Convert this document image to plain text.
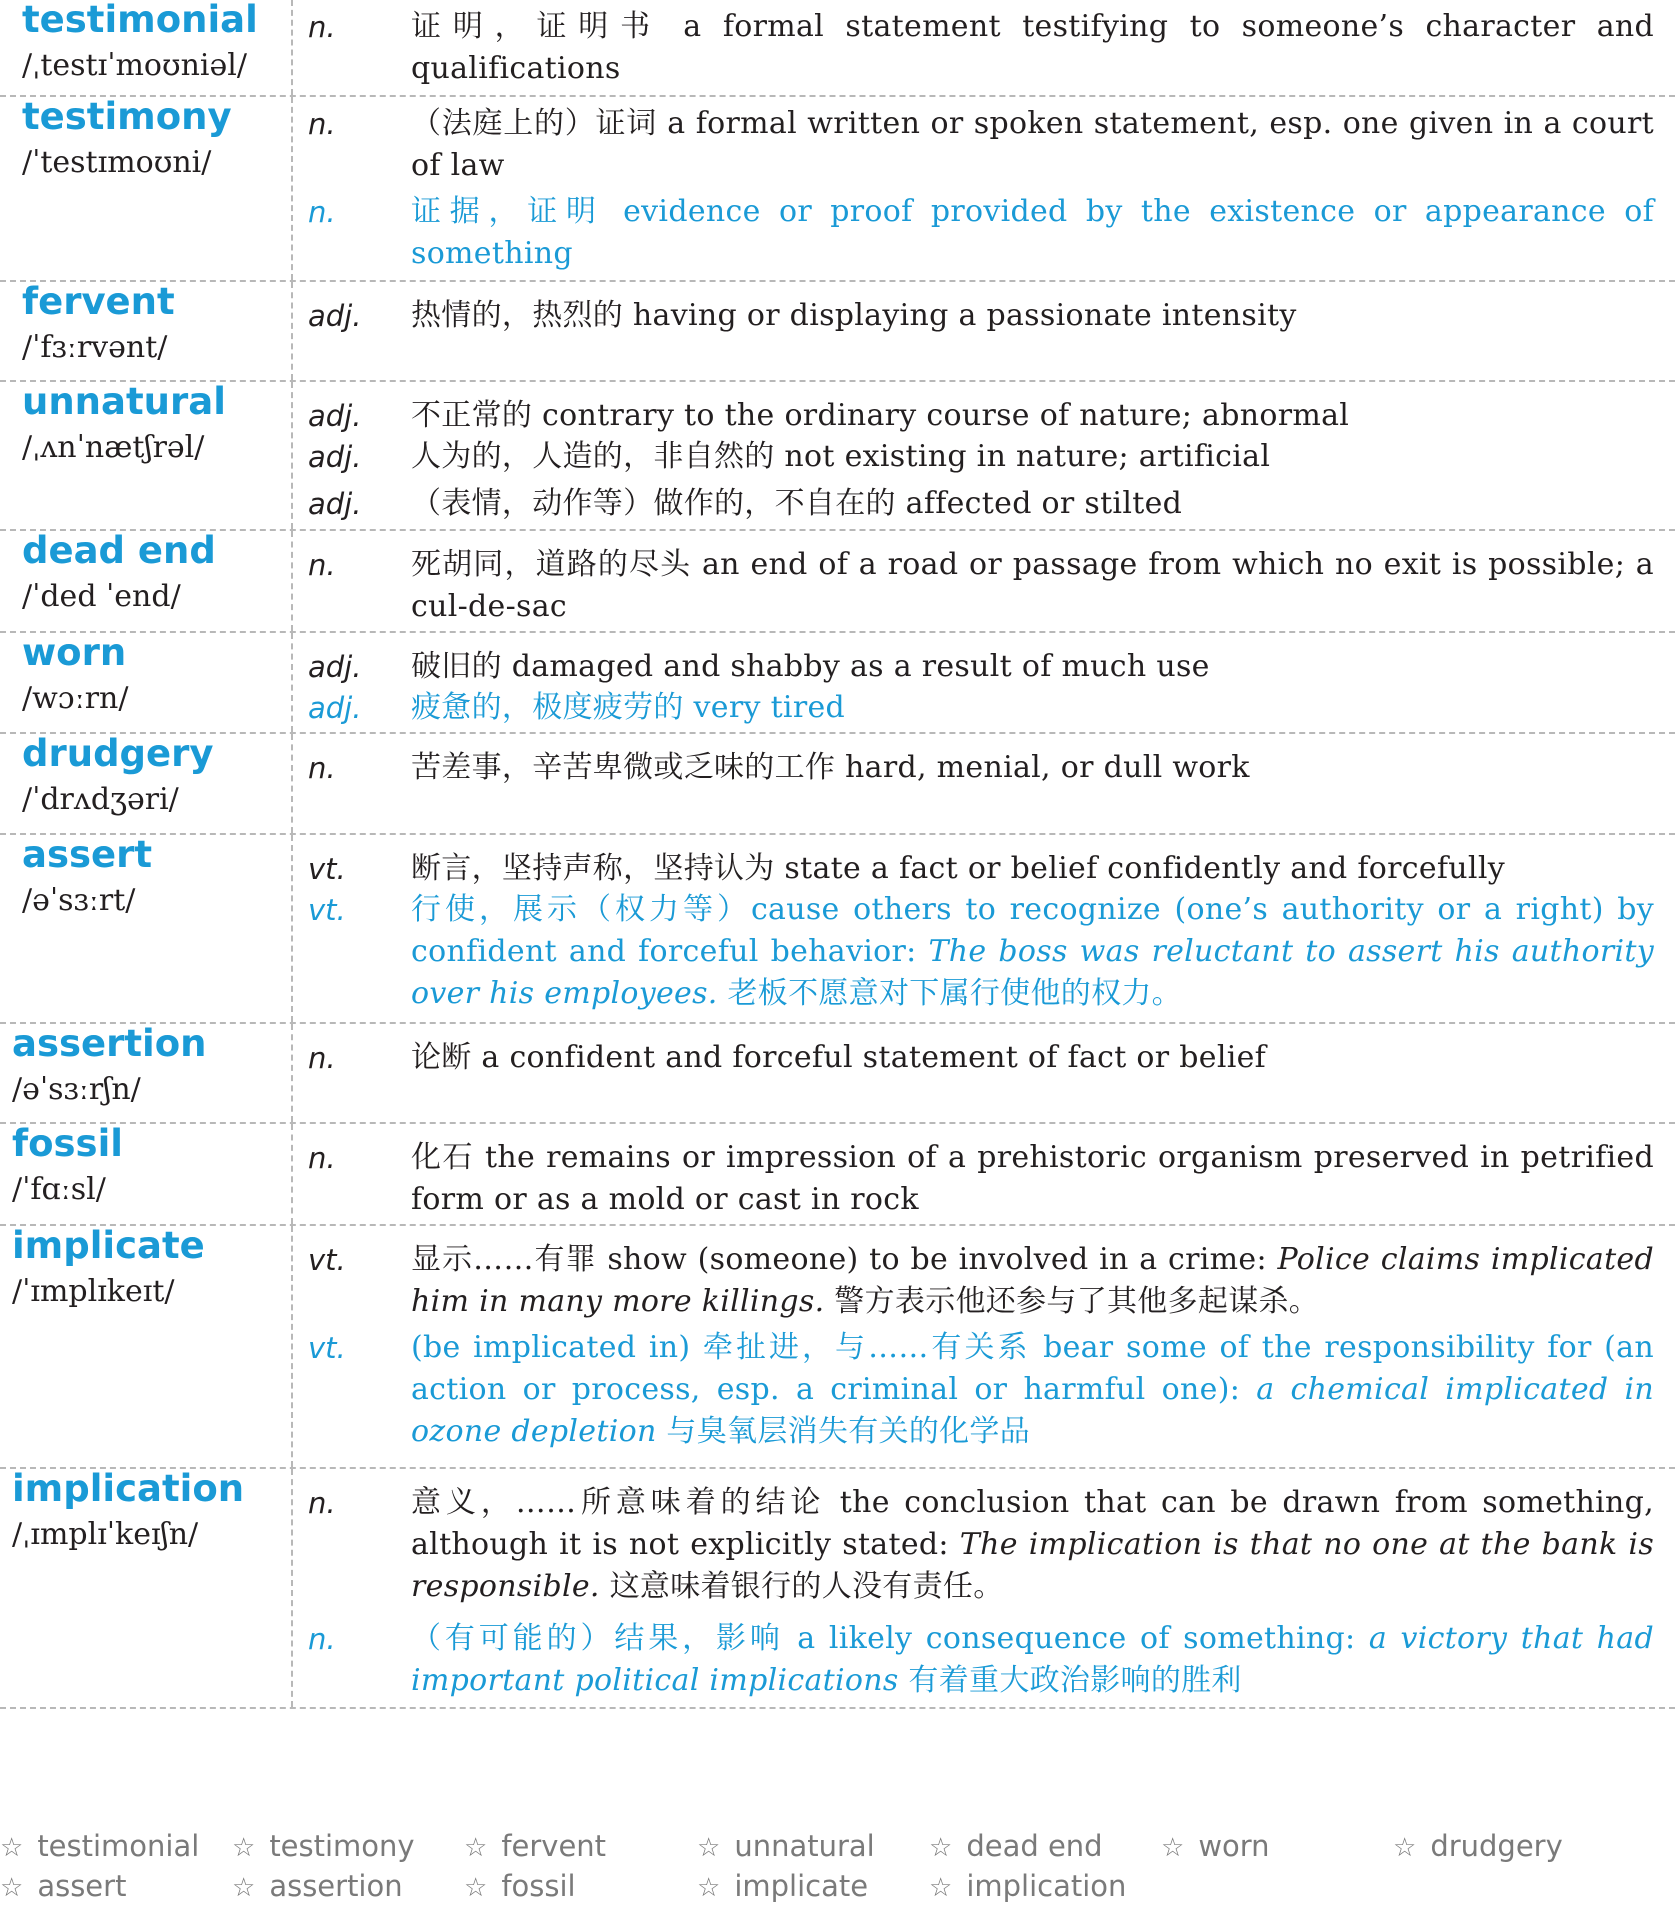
testimonial
/ˌtestɪˈmoʊniəl/
n.	证明，证明书 a formal statement testifying to someone’s character and qualifications
testimony
/ˈtestɪmoʊni/
n.	（法庭上的）证词 a formal written or spoken statement, esp. one given in a court of law
n.	证据，证明 evidence or proof provided by the existence or appearance of something
fervent
/ˈfɜːrvənt/
adj. 热情的，热烈的 having or displaying a passionate intensity
unnatural
/ˌʌnˈnætʃrəl/
adj. 不正常的 contrary to the ordinary course of nature; abnormal
adj. 人为的，人造的，非自然的 not existing in nature; artificial
adj. （表情，动作等）做作的，不自在的 affected or stilted
dead end
/ˈded ˈend/
n.	死胡同，道路的尽头 an end of a road or passage from which no exit is possible; a cul-de-sac
worn
/wɔːrn/
adj. 破旧的 damaged and shabby as a result of much use
adj. 疲惫的，极度疲劳的 very tired
drudgery
/ˈdrʌdʒəri/
n.	苦差事，辛苦卑微或乏味的工作 hard, menial, or dull work
assert
/əˈsɜːrt/
vt. 断言，坚持声称，坚持认为 state a fact or belief confidently and forcefully
vt. 行使，展示（权力等）cause others to recognize (one’s authority or a right) by confident and forceful behavior: The boss was reluctant to assert his authority over his employees. 老板不愿意对下属行使他的权力。
assertion
/əˈsɜːrʃn/
n.	论断 a confident and forceful statement of fact or belief
fossil
/ˈfɑːsl/
n.	化石 the remains or impression of a prehistoric organism preserved in petrified form or as a mold or cast in rock
implicate
/ˈɪmplɪkeɪt/
vt. 显示……有罪 show (someone) to be involved in a crime: Police claims implicated him in many more killings. 警方表示他还参与了其他多起谋杀。
vt. (be implicated in) 牵扯进，与……有关系 bear some of the responsibility for (an action or process, esp. a criminal or harmful one): a chemical implicated in ozone depletion 与臭氧层消失有关的化学品
implication
/ˌɪmplɪˈkeɪʃn/
n.	意义，……所意味着的结论 the conclusion that can be drawn from something, although it is not explicitly stated: The implication is that no one at the bank is responsible. 这意味着银行的人没有责任。
n.	（有可能的）结果，影响 a likely consequence of something: a victory that had important political implications 有着重大政治影响的胜利
☆ testimonial ☆ testimony ☆ fervent	☆ unnatural ☆ dead end ☆ worn	☆ drudgery
☆ assert	☆ assertion ☆ fossil	☆ implicate ☆ implication
